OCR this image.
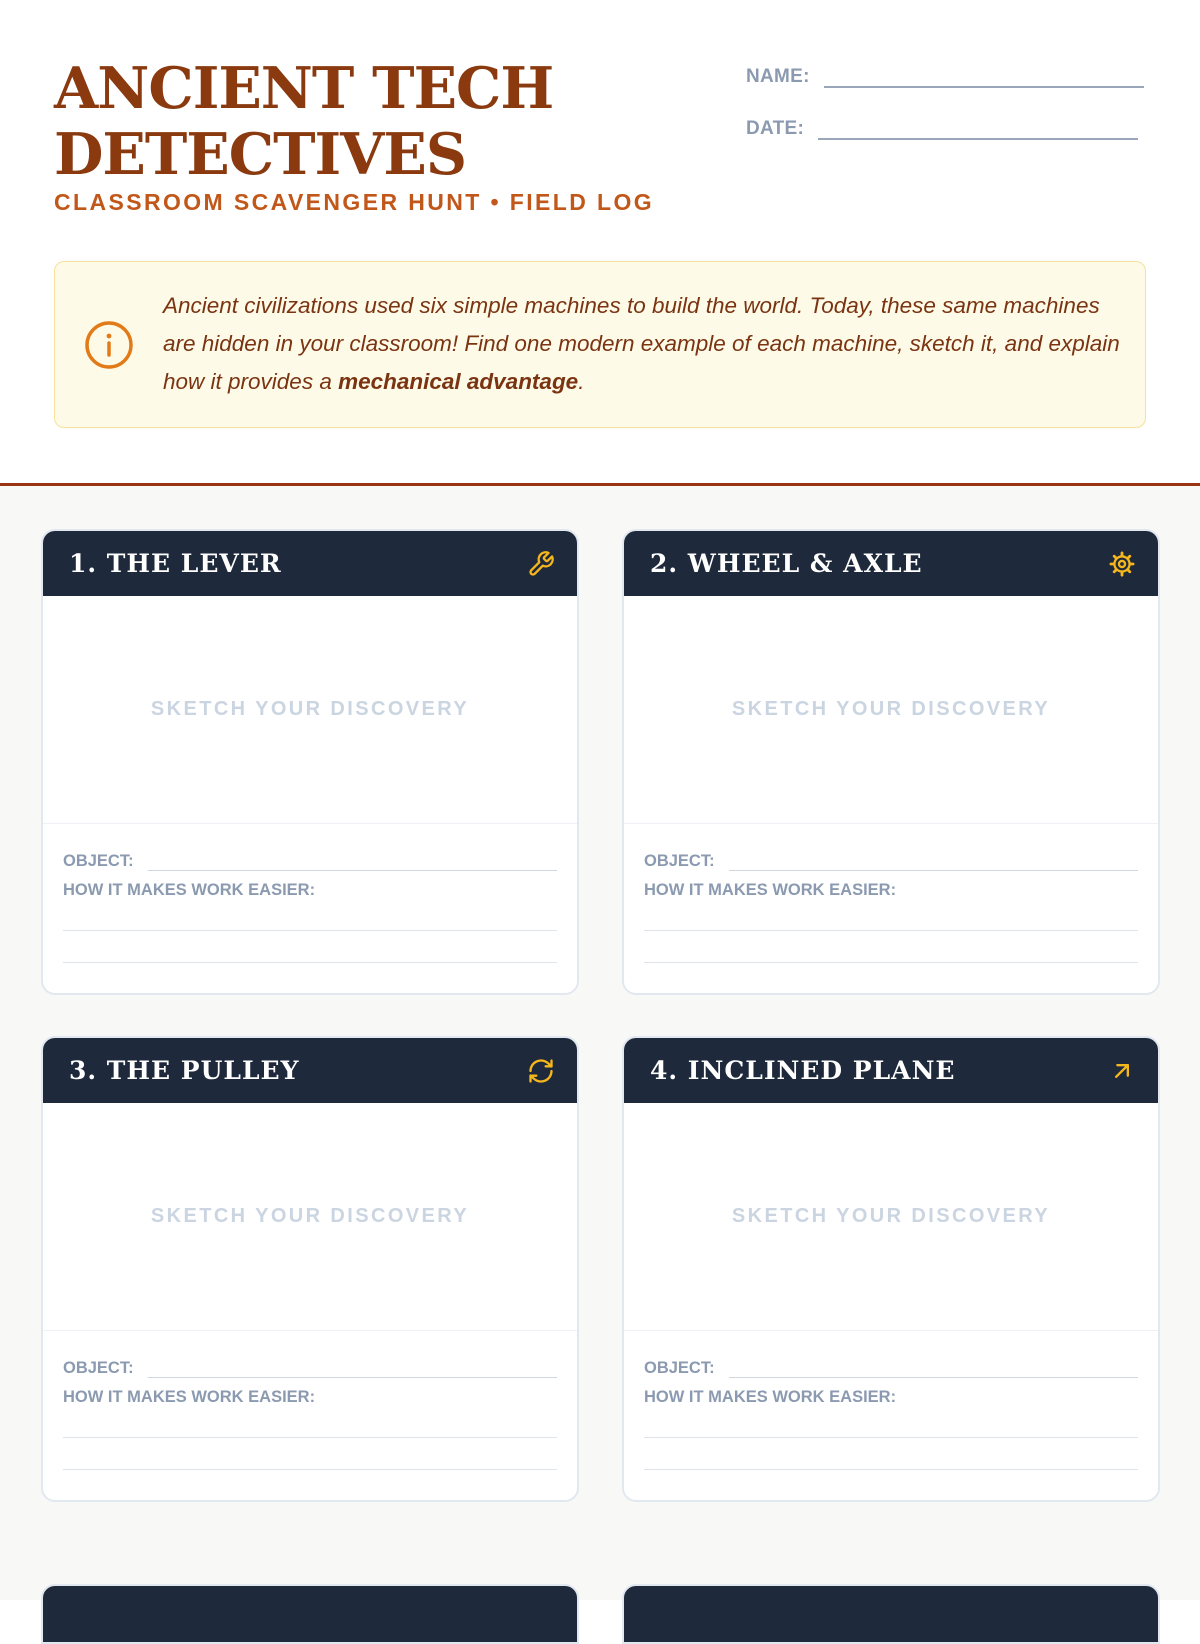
ANCIENT TECH
DETECTIVES
CLASSROOM SCAVENGER HUNT • FIELD LOG
NAME:
DATE:
Ancient civilizations used six simple machines to build the world. Today, these same machines are hidden in your classroom! Find one modern example of each machine, sketch it, and explain how it provides a mechanical advantage.
1. THE LEVER
SKETCH YOUR DISCOVERY
OBJECT:
HOW IT MAKES WORK EASIER:
2. WHEEL & AXLE
SKETCH YOUR DISCOVERY
OBJECT:
HOW IT MAKES WORK EASIER:
3. THE PULLEY
SKETCH YOUR DISCOVERY
OBJECT:
HOW IT MAKES WORK EASIER:
4. INCLINED PLANE
SKETCH YOUR DISCOVERY
OBJECT:
HOW IT MAKES WORK EASIER:
